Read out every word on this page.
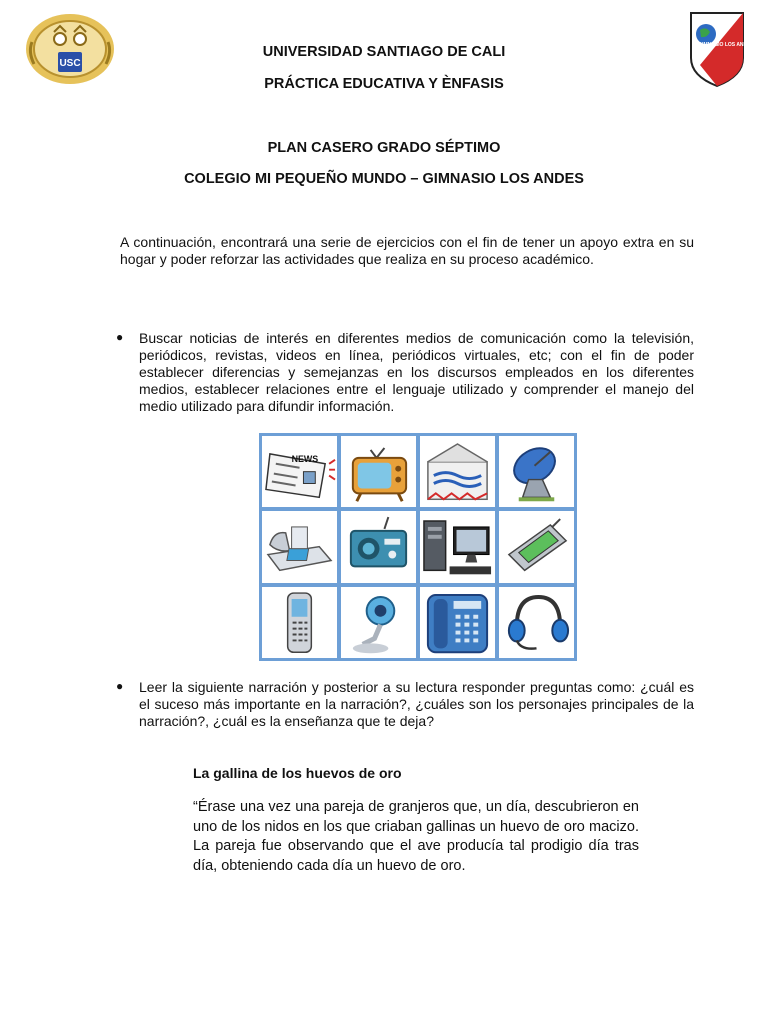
USC
GIMNASIO LOS ANDES
UNIVERSIDAD SANTIAGO DE CALI
PRÁCTICA EDUCATIVA Y ÈNFASIS
PLAN CASERO GRADO SÉPTIMO
COLEGIO MI PEQUEÑO MUNDO – GIMNASIO LOS ANDES
A continuación, encontrará una serie de ejercicios con el fin de tener un apoyo extra en su hogar y poder reforzar las actividades que realiza en su proceso académico.
● Buscar noticias de interés en diferentes medios de comunicación como la televisión, periódicos, revistas, videos en línea, periódicos virtuales, etc; con el fin de poder establecer diferencias y semejanzas en los discursos empleados en los diferentes medios, establecer relaciones entre el lenguaje utilizado y comprender el manejo del medio utilizado para difundir información.
NEWS
● Leer la siguiente narración y posterior a su lectura responder preguntas como: ¿cuál es el suceso más importante en la narración?, ¿cuáles son los personajes principales de la narración?, ¿cuál es la enseñanza que te deja?
La gallina de los huevos de oro
“Érase una vez una pareja de granjeros que, un día, descubrieron en uno de los nidos en los que criaban gallinas un huevo de oro macizo. La pareja fue observando que el ave producía tal prodigio día tras día, obteniendo cada día un huevo de oro.
